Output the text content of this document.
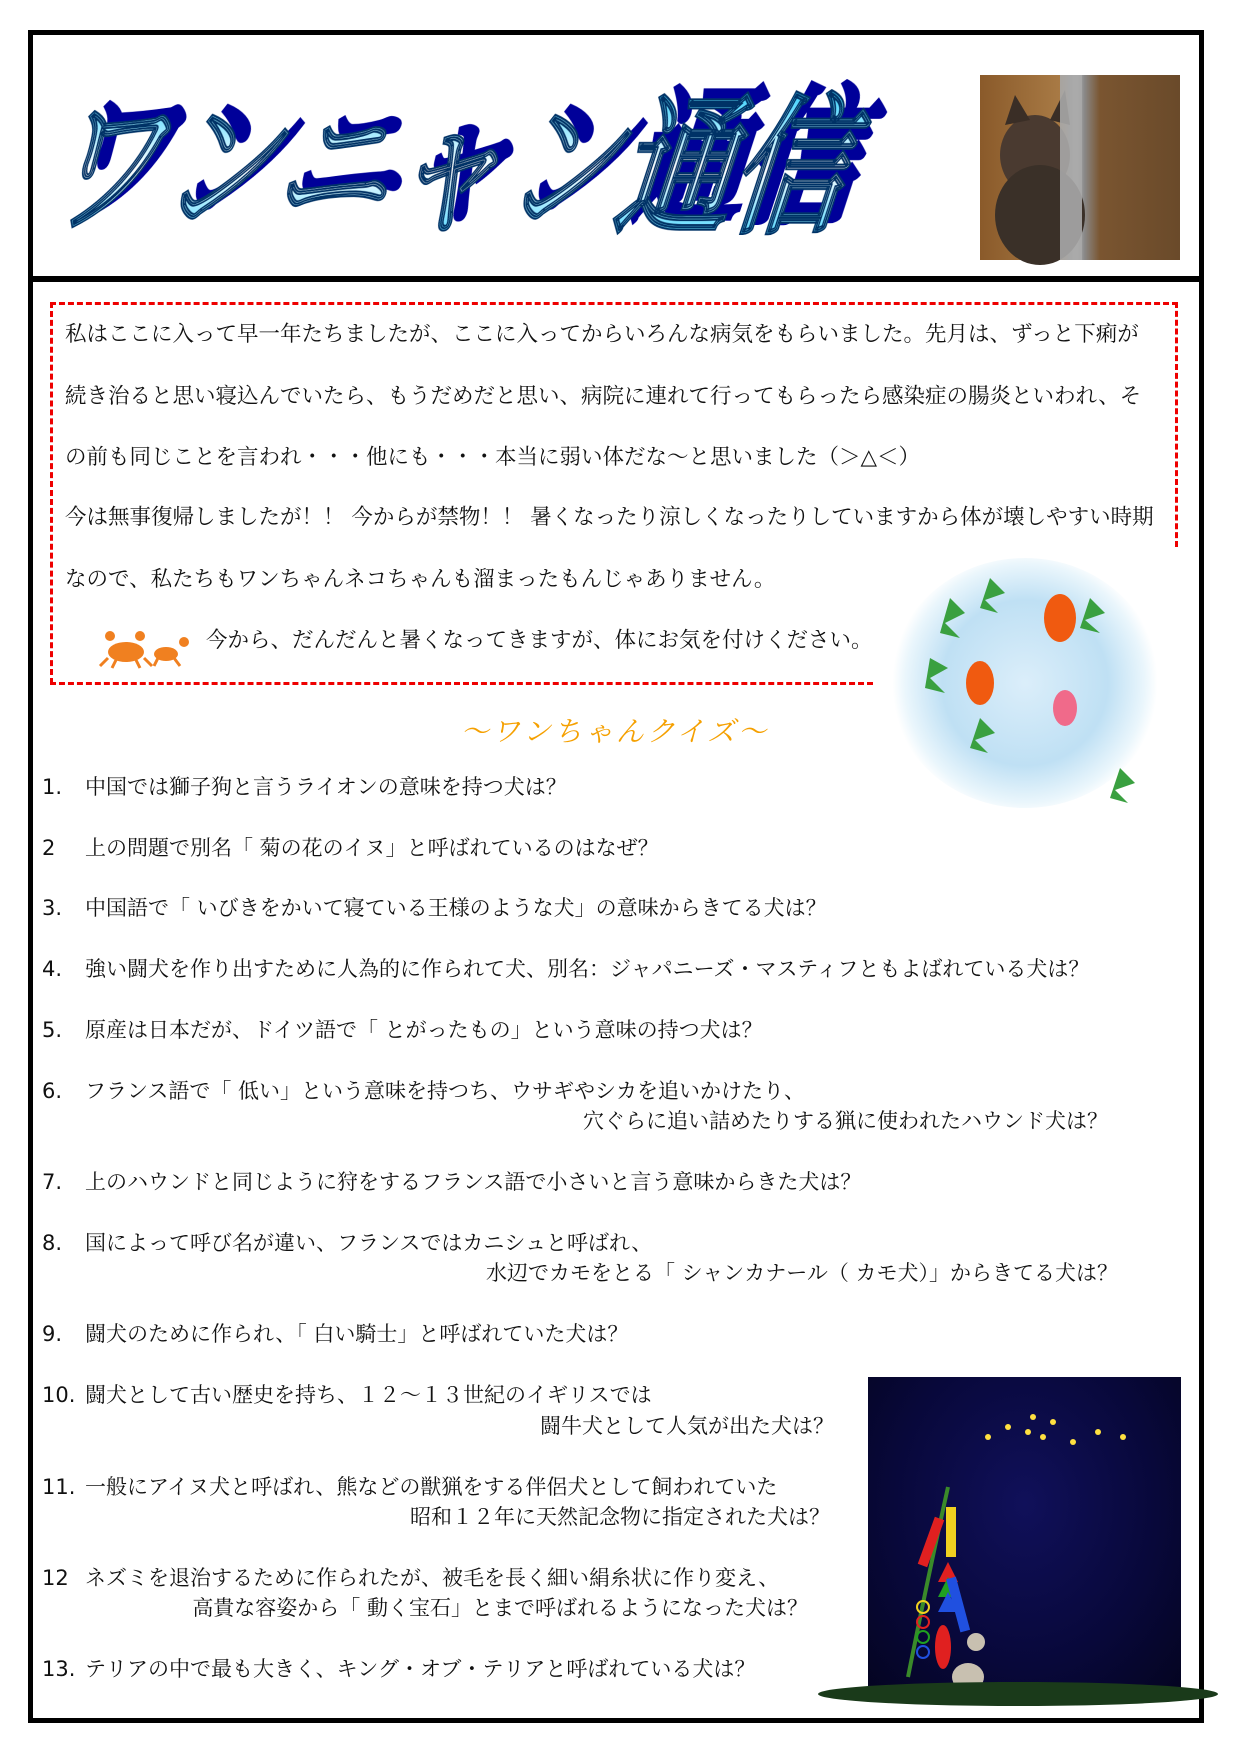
ワンニャン通信
私はここに入って早一年たちましたが、ここに入ってからいろんな病気をもらいました。先月は、ずっと下痢が
続き治ると思い寝込んでいたら、もうだめだと思い、病院に連れて行ってもらったら感染症の腸炎といわれ、そ
の前も同じことを言われ・・・他にも・・・本当に弱い体だな～と思いました（＞△＜）
今は無事復帰しましたが！！ 今からが禁物！！ 暑くなったり涼しくなったりしていますから体が壊しやすい時期
なので、私たちもワンちゃんネコちゃんも溜まったもんじゃありません。
今から、だんだんと暑くなってきますが、体にお気を付けください。
～ワンちゃんクイズ～
1. 中国では獅子狗と言うライオンの意味を持つ犬は？
2 上の問題で別名「 菊の花のイヌ」と呼ばれているのはなぜ？
3. 中国語で「 いびきをかいて寝ている王様のような犬」の意味からきてる犬は？
4. 強い闘犬を作り出すために人為的に作られて犬、別名：ジャパニーズ・マスティフともよばれている犬は？
5. 原産は日本だが、ドイツ語で「 とがったもの」という意味の持つ犬は？
6. フランス語で「 低い」という意味を持つち、ウサギやシカを追いかけたり、
穴ぐらに追い詰めたりする猟に使われたハウンド犬は？
7. 上のハウンドと同じように狩をするフランス語で小さいと言う意味からきた犬は？
8. 国によって呼び名が違い、フランスではカニシュと呼ばれ、
水辺でカモをとる「 シャンカナール（ カモ犬）」からきてる犬は？
9. 闘犬のために作られ、「 白い騎士」と呼ばれていた犬は？
10. 闘犬として古い歴史を持ち、１２～１３世紀のイギリスでは
闘牛犬として人気が出た犬は？
11. 一般にアイヌ犬と呼ばれ、熊などの獣猟をする伴侶犬として飼われていた
昭和１２年に天然記念物に指定された犬は？
12 ネズミを退治するために作られたが、被毛を長く細い絹糸状に作り変え、
高貴な容姿から「 動く宝石」とまで呼ばれるようになった犬は？
13. テリアの中で最も大きく、キング・オブ・テリアと呼ばれている犬は？
